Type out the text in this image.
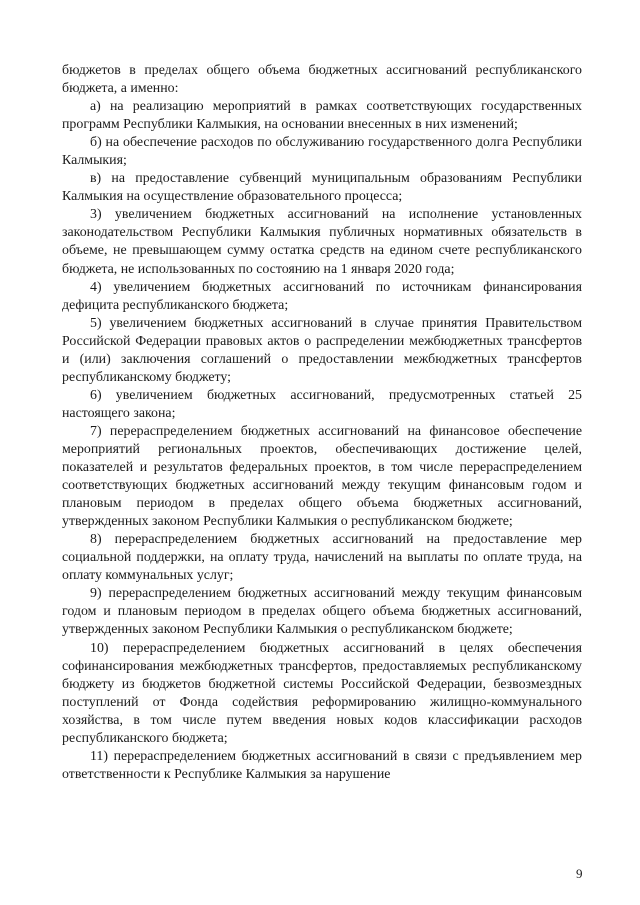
бюджетов в пределах общего объема бюджетных ассигнований республиканского бюджета, а именно:

а) на реализацию мероприятий в рамках соответствующих государственных программ Республики Калмыкия, на основании внесенных в них изменений;

б) на обеспечение расходов по обслуживанию государственного долга Республики Калмыкия;

в) на предоставление субвенций муниципальным образованиям Республики Калмыкия на осуществление образовательного процесса;

3) увеличением бюджетных ассигнований на исполнение установленных законодательством Республики Калмыкия публичных нормативных обязательств в объеме, не превышающем сумму остатка средств на едином счете республиканского бюджета, не использованных по состоянию на 1 января 2020 года;

4) увеличением бюджетных ассигнований по источникам финансирования дефицита республиканского бюджета;

5) увеличением бюджетных ассигнований в случае принятия Правительством Российской Федерации правовых актов о распределении межбюджетных трансфертов и (или) заключения соглашений о предоставлении межбюджетных трансфертов республиканскому бюджету;

6) увеличением бюджетных ассигнований, предусмотренных статьей 25 настоящего закона;

7) перераспределением бюджетных ассигнований на финансовое обеспечение мероприятий региональных проектов, обеспечивающих достижение целей, показателей и результатов федеральных проектов, в том числе перераспределением соответствующих бюджетных ассигнований между текущим финансовым годом и плановым периодом в пределах общего объема бюджетных ассигнований, утвержденных законом Республики Калмыкия о республиканском бюджете;

8) перераспределением бюджетных ассигнований на предоставление мер социальной поддержки, на оплату труда, начислений на выплаты по оплате труда, на оплату коммунальных услуг;

9) перераспределением бюджетных ассигнований между текущим финансовым годом и плановым периодом в пределах общего объема бюджетных ассигнований, утвержденных законом Республики Калмыкия о республиканском бюджете;

10) перераспределением бюджетных ассигнований в целях обеспечения софинансирования межбюджетных трансфертов, предоставляемых республиканскому бюджету из бюджетов бюджетной системы Российской Федерации, безвозмездных поступлений от Фонда содействия реформированию жилищно-коммунального хозяйства, в том числе путем введения новых кодов классификации расходов республиканского бюджета;

11) перераспределением бюджетных ассигнований в связи с предъявлением мер ответственности к Республике Калмыкия за нарушение

9
